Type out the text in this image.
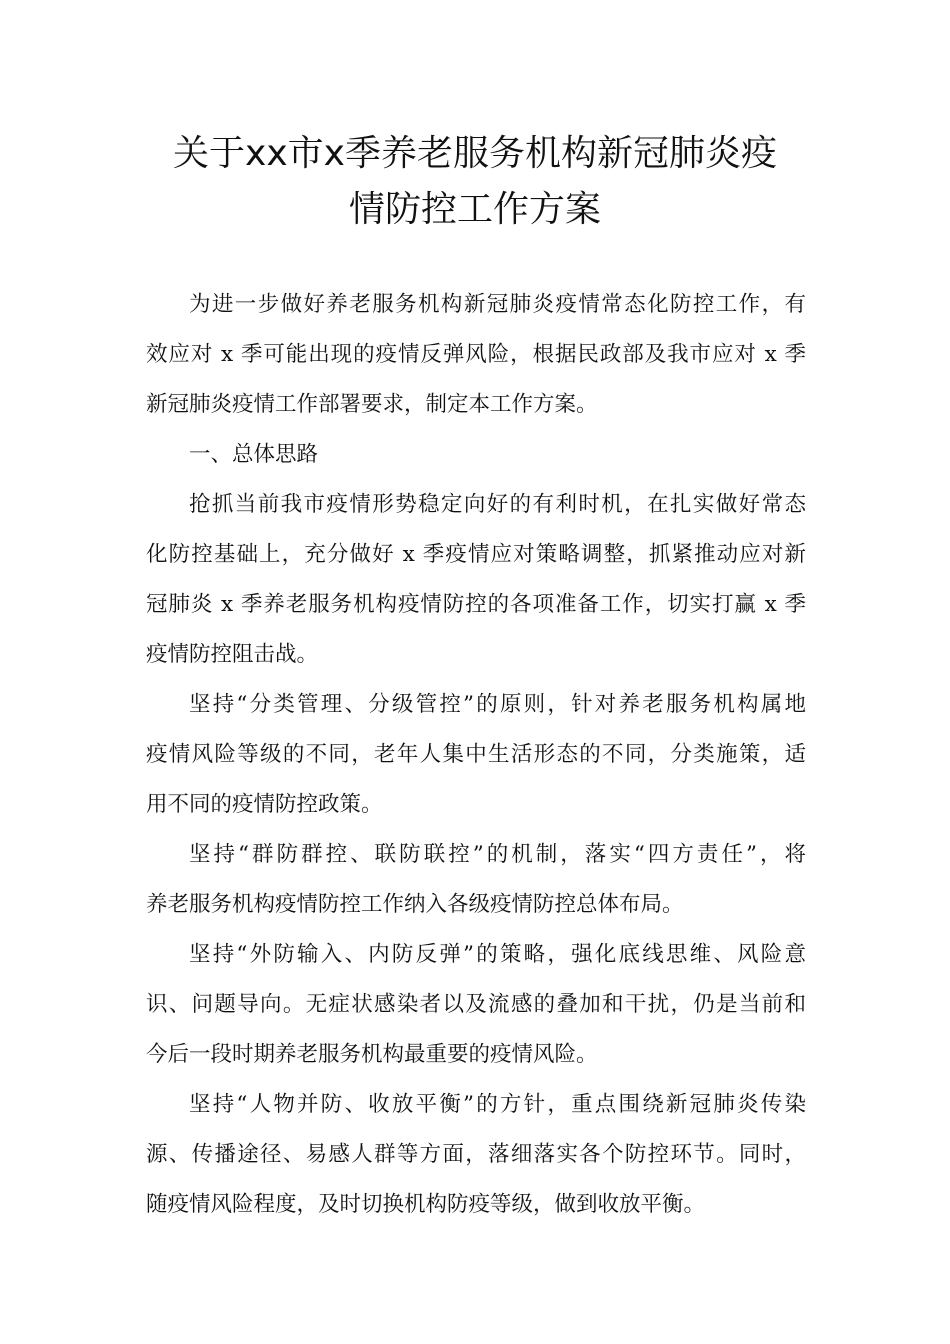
关于xx市x季养老服务机构新冠肺炎疫
情防控工作方案

为进一步做好养老服务机构新冠肺炎疫情常态化防控工作，有
效应对 x 季可能出现的疫情反弹风险，根据民政部及我市应对 x 季
新冠肺炎疫情工作部署要求，制定本工作方案。

一、总体思路

抢抓当前我市疫情形势稳定向好的有利时机，在扎实做好常态
化防控基础上，充分做好 x 季疫情应对策略调整，抓紧推动应对新
冠肺炎 x 季养老服务机构疫情防控的各项准备工作，切实打赢 x 季
疫情防控阻击战。

坚持“分类管理、分级管控”的原则，针对养老服务机构属地
疫情风险等级的不同，老年人集中生活形态的不同，分类施策，适
用不同的疫情防控政策。

坚持“群防群控、联防联控”的机制，落实“四方责任”，将
养老服务机构疫情防控工作纳入各级疫情防控总体布局。

坚持“外防输入、内防反弹”的策略，强化底线思维、风险意
识、问题导向。无症状感染者以及流感的叠加和干扰，仍是当前和
今后一段时期养老服务机构最重要的疫情风险。

坚持“人物并防、收放平衡”的方针，重点围绕新冠肺炎传染
源、传播途径、易感人群等方面，落细落实各个防控环节。同时，
随疫情风险程度，及时切换机构防疫等级，做到收放平衡。
